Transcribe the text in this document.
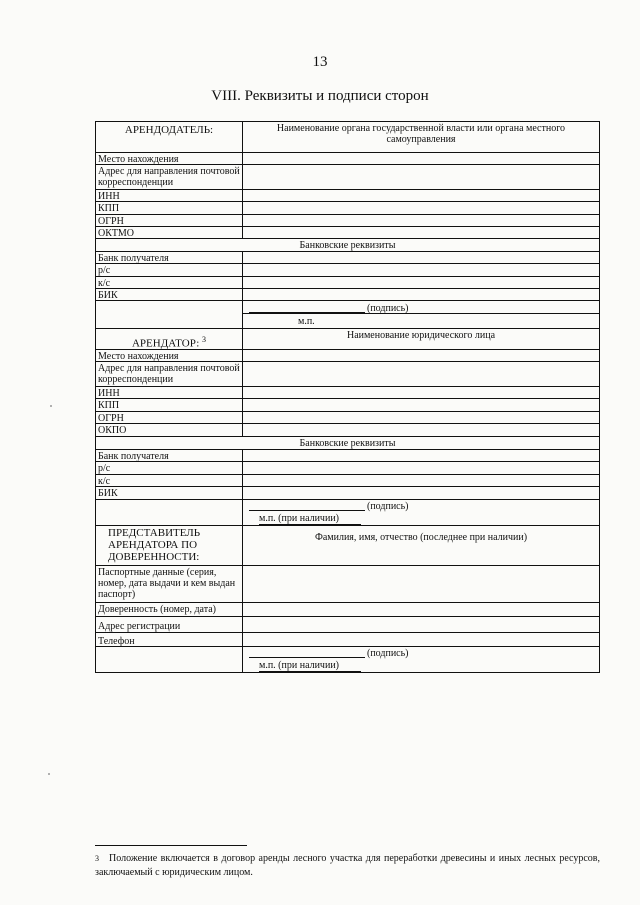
13
VIII. Реквизиты и подписи сторон
АРЕНДОДАТЕЛЬ:	Наименование органа государственной власти или органа местного самоуправления
Место нахождения
Адрес для направления почтовой корреспонденции
ИНН
КПП
ОГРН
ОКТМО
Банковские реквизиты
Банк получателя
р/с
к/с
БИК
(подпись)
м.п.
АРЕНДАТОР: $^3$	Наименование юридического лица
Место нахождения
Адрес для направления почтовой корреспонденции
ИНН
КПП
ОГРН
ОКПО
Банковские реквизиты
Банк получателя
р/с
к/с
БИК
(подпись)
м.п. (при наличии)
ПРЕДСТАВИТЕЛЬ АРЕНДАТОРА ПО ДОВЕРЕННОСТИ:
Фамилия, имя, отчество (последнее при наличии)
Паспортные данные (серия, номер, дата выдачи и кем выдан паспорт)
Доверенность (номер, дата)
Адрес регистрации
Телефон
(подпись)
м.п. (при наличии)
$^3$ Положение включается в договор аренды лесного участка для переработки древесины и иных лесных ресурсов, заключаемый с юридическим лицом.
